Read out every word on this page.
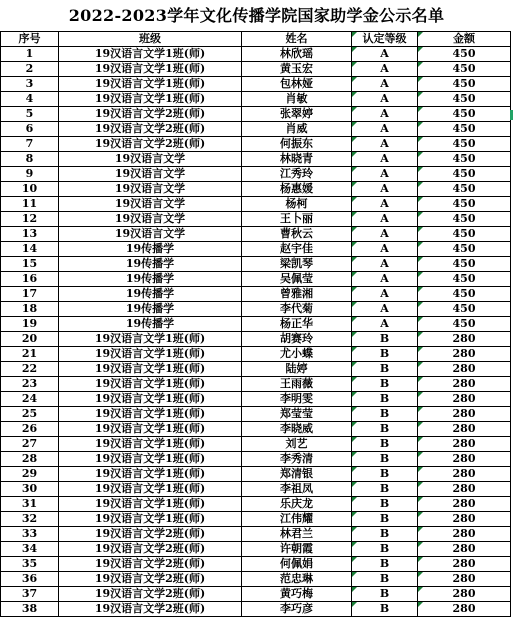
2022-2023学年文化传播学院国家助学金公示名单
序号	班级	姓名	认定等级	金额
1	19汉语言文学1班(师)	林欣瑶	A	450
2	19汉语言文学1班(师)	黄玉宏	A	450
3	19汉语言文学1班(师)	包林娅	A	450
4	19汉语言文学1班(师)	肖敏	A	450
5	19汉语言文学2班(师)	张翠婷	A	450
6	19汉语言文学2班(师)	肖威	A	450
7	19汉语言文学2班(师)	何振东	A	450
8	19汉语言文学	林晓青	A	450
9	19汉语言文学	江秀玲	A	450
10	19汉语言文学	杨惠媛	A	450
11	19汉语言文学	杨柯	A	450
12	19汉语言文学	王卜丽	A	450
13	19汉语言文学	曹秋云	A	450
14	19传播学	赵宇佳	A	450
15	19传播学	梁凯琴	A	450
16	19传播学	吴佩莹	A	450
17	19传播学	曾雅湘	A	450
18	19传播学	李代菊	A	450
19	19传播学	杨正华	A	450
20	19汉语言文学1班(师)	胡赛玲	B	280
21	19汉语言文学1班(师)	尤小蝶	B	280
22	19汉语言文学1班(师)	陆婷	B	280
23	19汉语言文学1班(师)	王雨薇	B	280
24	19汉语言文学1班(师)	李明雯	B	280
25	19汉语言文学1班(师)	郑莹莹	B	280
26	19汉语言文学1班(师)	李晓威	B	280
27	19汉语言文学1班(师)	刘艺	B	280
28	19汉语言文学1班(师)	李秀清	B	280
29	19汉语言文学1班(师)	郑清银	B	280
30	19汉语言文学1班(师)	李祖凤	B	280
31	19汉语言文学1班(师)	乐庆龙	B	280
32	19汉语言文学1班(师)	江伟耀	B	280
33	19汉语言文学2班(师)	林君兰	B	280
34	19汉语言文学2班(师)	许朝霞	B	280
35	19汉语言文学2班(师)	何佩娟	B	280
36	19汉语言文学2班(师)	范忠琳	B	280
37	19汉语言文学2班(师)	黄巧梅	B	280
38	19汉语言文学2班(师)	李巧彦	B	280
